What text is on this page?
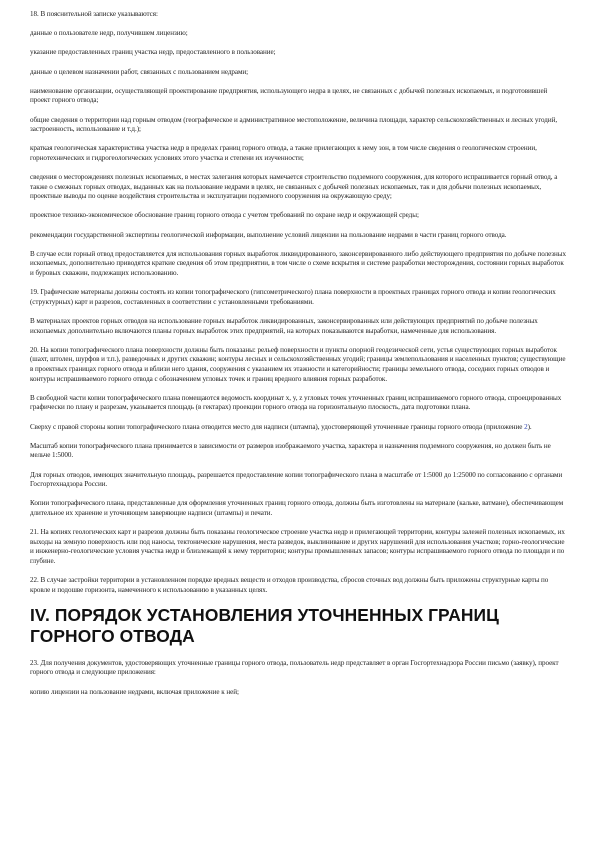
18. В пояснительной записке указываются:

данные о пользователе недр, получившем лицензию;

указание предоставленных границ участка недр, предоставленного в пользование;

данные о целевом назначении работ, связанных с пользованием недрами;

наименование организации, осуществляющей проектирование предприятия, использующего недра в целях, не связанных с добычей полезных ископаемых, и подготовившей проект горного отвода;

общие сведения о территории над горным отводом (географическое и административное местоположение, величина площади, характер сельскохозяйственных и лесных угодий, застроенность, использование и т.д.);

краткая геологическая характеристика участка недр в пределах границ горного отвода, а также прилегающих к нему зон, в том числе сведения о геологическом строении, горнотехнических и гидрогеологических условиях этого участка и степени их изученности;

сведения о месторождениях полезных ископаемых, в местах залегания которых намечается строительство подземного сооружения, для которого испрашивается горный отвод, а также о смежных горных отводах, выданных как на пользование недрами в целях, не связанных с добычей полезных ископаемых, так и для добычи полезных ископаемых, проектные выводы по оценке воздействия строительства и эксплуатации подземного сооружения на окружающую среду;

проектное технико-экономическое обоснование границ горного отвода с учетом требований по охране недр и окружающей среды;

рекомендации государственной экспертизы геологической информации, выполнение условий лицензии на пользование недрами в части границ горного отвода.

В случае если горный отвод предоставляется для использования горных выработок ликвидированного, законсервированного либо действующего предприятия по добыче полезных ископаемых, дополнительно приводятся краткие сведения об этом предприятии, в том числе о схеме вскрытия и системе разработки месторождения, состоянии горных выработок и буровых скважин, подлежащих использованию.

19. Графические материалы должны состоять из копии топографического (гипсометрического) плана поверхности в проектных границах горного отвода и копии геологических (структурных) карт и разрезов, составленных в соответствии с установленными требованиями.

В материалах проектов горных отводов на использование горных выработок ликвидированных, законсервированных или действующих предприятий по добыче полезных ископаемых дополнительно включаются планы горных выработок этих предприятий, на которых показываются выработки, намеченные для использования.

20. На копии топографического плана поверхности должны быть показаны: рельеф поверхности и пункты опорной геодезической сети, устья существующих горных выработок (шахт, штолен, шурфов и т.п.), разведочных и других скважин; контуры лесных и сельскохозяйственных угодий; границы землепользования и населенных пунктов; существующие в проектных границах горного отвода и вблизи него здания, сооружения с указанием их этажности и категорийности; границы земельного отвода, соседних горных отводов и контуры испрашиваемого горного отвода с обозначением угловых точек и границ вредного влияния горных разработок.

В свободной части копии топографического плана помещаются ведомость координат x, y, z угловых точек уточненных границ испрашиваемого горного отвода, спроецированных графически по плану и разрезам, указывается площадь (в гектарах) проекции горного отвода на горизонтальную плоскость, дата подготовки плана.

Сверху с правой стороны копии топографического плана отводится место для надписи (штампа), удостоверяющей уточненные границы горного отвода (приложение 2).

Масштаб копии топографического плана принимается в зависимости от размеров изображаемого участка, характера и назначения подземного сооружения, но должен быть не мельче 1:5000.

Для горных отводов, имеющих значительную площадь, разрешается предоставление копии топографического плана в масштабе от 1:5000 до 1:25000 по согласованию с органами Госгортехнадзора России.

Копии топографического плана, представленные для оформления уточненных границ горного отвода, должны быть изготовлены на материале (кальке, ватмане), обеспечивающем длительное их хранение и уточняющем заверяющие надписи (штампы) и печати.

21. На копиях геологических карт и разрезов должны быть показаны геологическое строение участка недр и прилегающей территории, контуры залежей полезных ископаемых, их выходы на земную поверхность или под наносы, тектонические нарушения, места разведок, выклинивание и других нарушений для использования участков; горно-геологические и инженерно-геологические условия участка недр и близлежащей к нему территории; контуры промышленных запасов; контуры испрашиваемого горного отвода по площади и по глубине.

22. В случае застройки территории в установленном порядке вредных веществ и отходов производства, сбросов сточных вод должны быть приложены структурные карты по кровле и подошве горизонта, намеченного к использованию в указанных целях.

IV. ПОРЯДОК УСТАНОВЛЕНИЯ УТОЧНЕННЫХ ГРАНИЦ ГОРНОГО ОТВОДА

23. Для получения документов, удостоверяющих уточненные границы горного отвода, пользователь недр представляет в орган Госгортехнадзора России письмо (заявку), проект горного отвода и следующие приложения:

копию лицензии на пользование недрами, включая приложение к ней;
